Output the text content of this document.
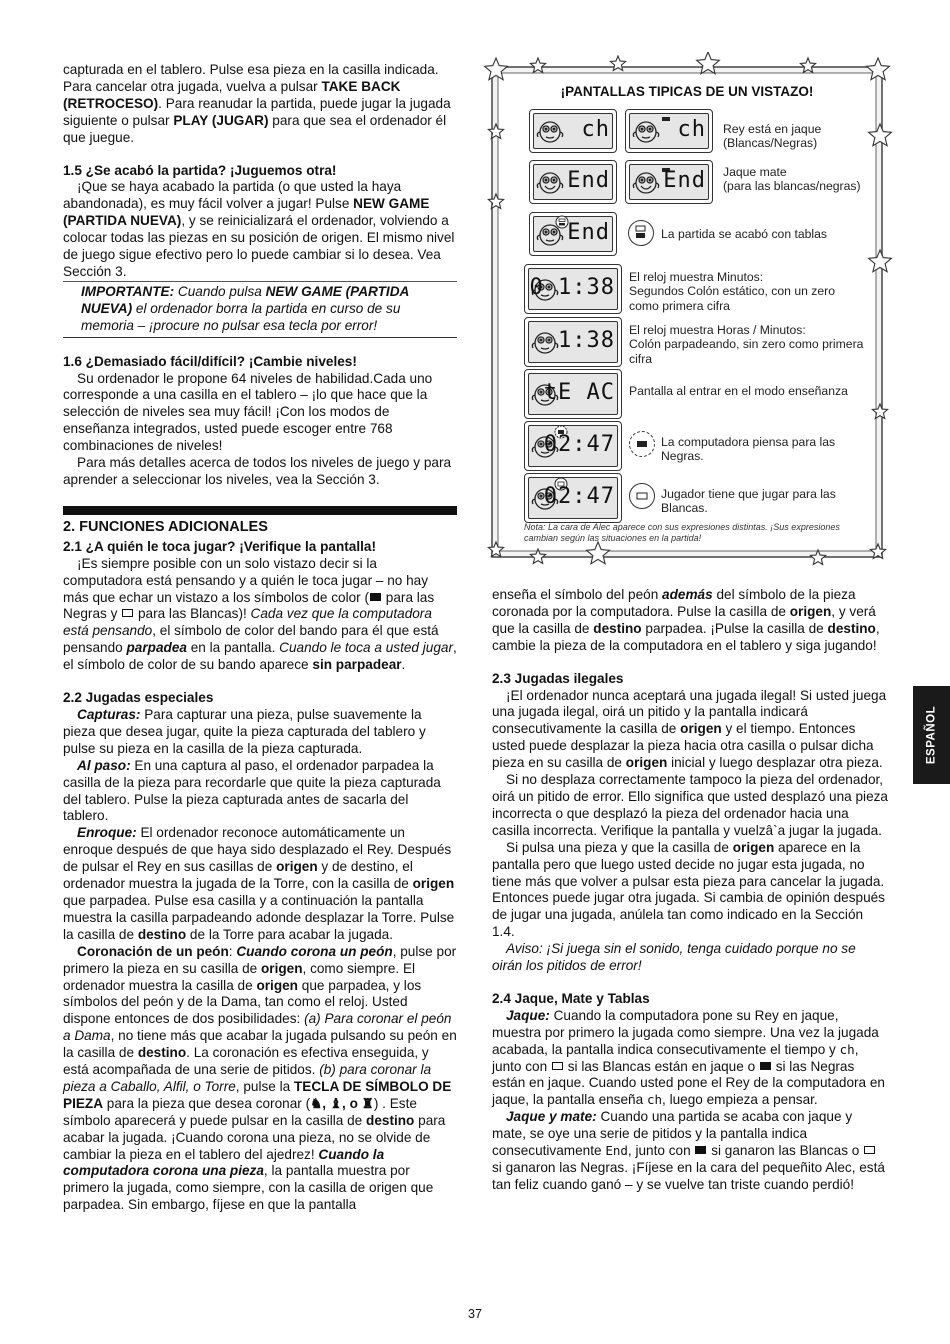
capturada en el tablero. Pulse esa pieza en la casilla indicada. Para cancelar otra jugada, vuelva a pulsar TAKE BACK (RETROCESO). Para reanudar la partida, puede jugar la jugada siguiente o pulsar PLAY (JUGAR) para que sea el ordenador él que juegue.

1.5 ¿Se acabó la partida? ¡Juguemos otra!

¡Que se haya acabado la partida (o que usted la haya abandonada), es muy fácil volver a jugar! Pulse NEW GAME (PARTIDA NUEVA), y se reinicializará el ordenador, volviendo a colocar todas las piezas en su posición de origen. El mismo nivel de juego sigue efectivo pero lo puede cambiar si lo desea. Vea Sección 3.

IMPORTANTE: Cuando pulsa NEW GAME (PARTIDA NUEVA) el ordenador borra la partida en curso de su memoria – ¡procure no pulsar esa tecla por error!

1.6 ¿Demasiado fácil/difícil? ¡Cambie niveles!

Su ordenador le propone 64 niveles de habilidad.Cada uno corresponde a una casilla en el tablero – ¡lo que hace que la selección de niveles sea muy fácil! ¡Con los modos de enseñanza integrados, usted puede escoger entre 768 combinaciones de niveles!

Para más detalles acerca de todos los niveles de juego y para aprender a seleccionar los niveles, vea la Sección 3.

2. FUNCIONES ADICIONALES
2.1 ¿A quién le toca jugar? ¡Verifique la pantalla!

¡Es siempre posible con un solo vistazo decir si la computadora está pensando y a quién le toca jugar – no hay más que echar un vistazo a los símbolos de color ( para las Negras y  para las Blancas)! Cada vez que la computadora está pensando, el símbolo de color del bando para él que está pensando parpadea en la pantalla. Cuando le toca a usted jugar, el símbolo de color de su bando aparece sin parpadear.

2.2 Jugadas especiales

Capturas: Para capturar una pieza, pulse suavemente la pieza que desea jugar, quite la pieza capturada del tablero y pulse su pieza en la casilla de la pieza capturada.

Al paso: En una captura al paso, el ordenador parpadea la casilla de la pieza para recordarle que quite la pieza capturada del tablero. Pulse la pieza capturada antes de sacarla del tablero.

Enroque: El ordenador reconoce automáticamente un enroque después de que haya sido desplazado el Rey. Después de pulsar el Rey en sus casillas de origen y de destino, el ordenador muestra la jugada de la Torre, con la casilla de origen que parpadea. Pulse esa casilla y a continuación la pantalla muestra la casilla parpadeando adonde desplazar la Torre. Pulse la casilla de destino de la Torre para acabar la jugada.

Coronación de un peón: Cuando corona un peón, pulse por primero la pieza en su casilla de origen, como siempre. El ordenador muestra la casilla de origen que parpadea, y los símbolos del peón y de la Dama, tan como el reloj. Usted dispone entonces de dos posibilidades: (a) Para coronar el peón a Dama, no tiene más que acabar la jugada pulsando su peón en la casilla de destino. La coronación es efectiva enseguida, y está acompañada de una serie de pitidos. (b) para coronar la pieza a Caballo, Alfil, o Torre, pulse la TECLA DE SÍMBOLO DE PIEZA para la pieza que desea coronar (♞, ♝, o ♜) . Este símbolo aparecerá y puede pulsar en la casilla de destino para acabar la jugada. ¡Cuando corona una pieza, no se olvide de cambiar la pieza en el tablero del ajedrez! Cuando la computadora corona una pieza, la pantalla muestra por primero la jugada, como siempre, con la casilla de origen que parpadea. Sin embargo, fíjese en que la pantalla

¡PANTALLAS TIPICAS DE UN VISTAZO!
ch	ch Rey está en jaque
(Blancas/Negras)
End End Jaque mate
(para las blancas/negras)
End	La partida se acabó con tablas
0 1:38 El reloj muestra Minutos:
Segundos Colón estático, con un zero
como primera cifra
1:38 El reloj muestra Horas / Minutos:
Colón parpadeando, sin zero como primera
cifra
tE AC Pantalla al entrar en el modo enseñanza
02:47	La computadora piensa para las
Negras.
02:47	Jugador tiene que jugar para las
Blancas.
Nota: La cara de Alec aparece con sus expresiones distintas. ¡Sus expresiones cambian según las situaciones en la partida!

enseña el símbolo del peón además del símbolo de la pieza coronada por la computadora. Pulse la casilla de origen, y verá que la casilla de destino parpadea. ¡Pulse la casilla de destino, cambie la pieza de la computadora en el tablero y siga jugando!

2.3 Jugadas ilegales

¡El ordenador nunca aceptará una jugada ilegal! Si usted juega una jugada ilegal, oirá un pitido y la pantalla indicará consecutivamente la casilla de origen y el tiempo. Entonces usted puede desplazar la pieza hacia otra casilla o pulsar dicha pieza en su casilla de origen inicial y luego desplazar otra pieza.

Si no desplaza correctamente tampoco la pieza del ordenador, oirá un pitido de error. Ello significa que usted desplazó una pieza incorrecta o que desplazó la pieza del ordenador hacia una casilla incorrecta. Verifique la pantalla y vuelzâ`a jugar la jugada.

Si pulsa una pieza y que la casilla de origen aparece en la pantalla pero que luego usted decide no jugar esta jugada, no tiene más que volver a pulsar esta pieza para cancelar la jugada. Entonces puede jugar otra jugada. Si cambia de opinión después de jugar una jugada, anúlela tan como indicado en la Sección 1.4.

Aviso: ¡Si juega sin el sonido, tenga cuidado porque no se oirán los pitidos de error!

2.4 Jaque, Mate y Tablas

Jaque: Cuando la computadora pone su Rey en jaque, muestra por primero la jugada como siempre. Una vez la jugada acabada, la pantalla indica consecutivamente el tiempo y ch, junto con  si las Blancas están en jaque o  si las Negras están en jaque. Cuando usted pone el Rey de la computadora en jaque, la pantalla enseña ch, luego empieza a pensar.

Jaque y mate: Cuando una partida se acaba con jaque y mate, se oye una serie de pitidos y la pantalla indica consecutivamente End, junto con  si ganaron las Blancas o  si ganaron las Negras. ¡Fíjese en la cara del pequeñito Alec, está tan feliz cuando ganó – y se vuelve tan triste cuando perdió!

ESPAÑOL
37
